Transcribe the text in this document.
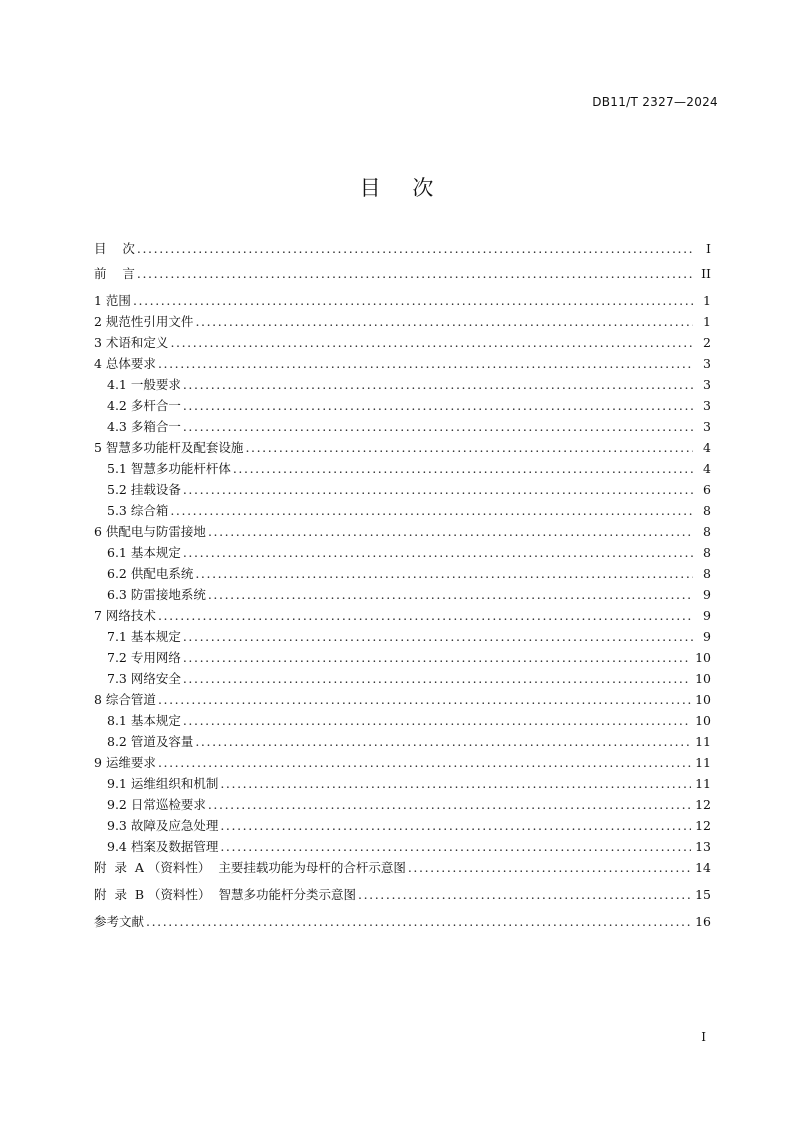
DB11/T 2327—2024
目    次
目    次 .....	I
前    言 .....	II
1 范围 .....	1
2 规范性引用文件 .....	1
3 术语和定义 .....	2
4 总体要求 .....	3
4.1 一般要求 .....	3
4.2 多杆合一 .....	3
4.3 多箱合一 .....	3
5 智慧多功能杆及配套设施 .....	4
5.1 智慧多功能杆杆体 .....	4
5.2 挂载设备 .....	6
5.3 综合箱 .....	8
6 供配电与防雷接地 .....	8
6.1 基本规定 .....	8
6.2 供配电系统 .....	8
6.3 防雷接地系统 .....	9
7 网络技术 .....	9
7.1 基本规定 .....	9
7.2 专用网络 .....	10
7.3 网络安全 .....	10
8 综合管道 .....	10
8.1 基本规定 .....	10
8.2 管道及容量 .....	11
9 运维要求 .....	11
9.1 运维组织和机制 .....	11
9.2 日常巡检要求 .....	12
9.3 故障及应急处理 .....	12
9.4 档案及数据管理 .....	13
附  录  A （资料性）  主要挂载功能为母杆的合杆示意图 .....	14
附  录  B （资料性）  智慧多功能杆分类示意图 .....	15
参考文献 .....	16
I
